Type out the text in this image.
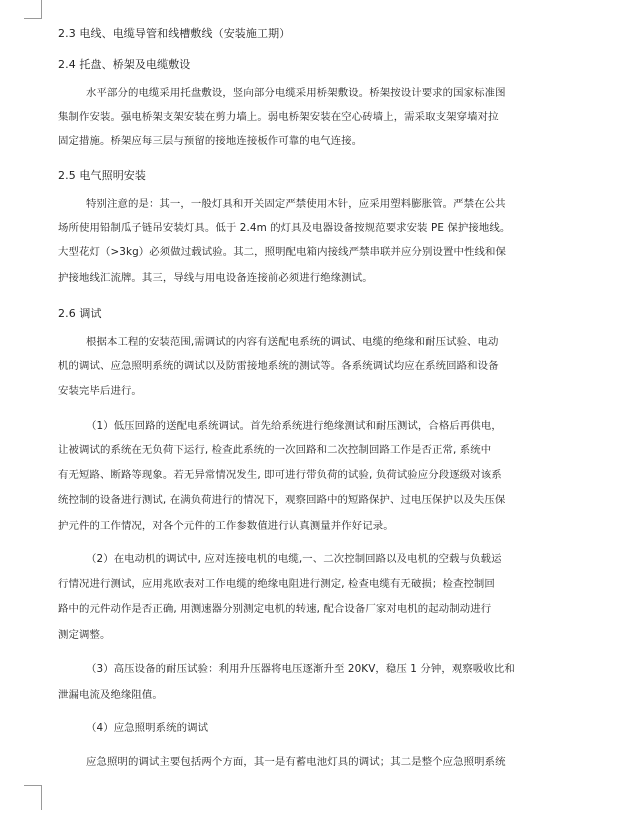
2.3 电线、电缆导管和线槽敷线（安装施工期）

2.4 托盘、桥架及电缆敷设

水平部分的电缆采用托盘敷设，竖向部分电缆采用桥架敷设。桥架按设计要求的国家标准图

集制作安装。强电桥架支架安装在剪力墙上。弱电桥架安装在空心砖墙上，需采取支架穿墙对拉

固定措施。桥架应每三层与预留的接地连接板作可靠的电气连接。

2.5 电气照明安装

特别注意的是：其一，一般灯具和开关固定严禁使用木针，应采用塑料膨胀管。严禁在公共

场所使用铅制瓜子链吊安装灯具。低于 2.4m 的灯具及电器设备按规范要求安装 PE 保护接地线。

大型花灯（>3kg）必须做过载试验。其二，照明配电箱内接线严禁串联并应分别设置中性线和保

护接地线汇流牌。其三，导线与用电设备连接前必须进行绝缘测试。

2.6 调试

根据本工程的安装范围,需调试的内容有送配电系统的调试、电缆的绝缘和耐压试验、电动

机的调试、应急照明系统的调试以及防雷接地系统的测试等。各系统调试均应在系统回路和设备

安装完毕后进行。

（1）低压回路的送配电系统调试。首先给系统进行绝缘测试和耐压测试，合格后再供电，

让被调试的系统在无负荷下运行, 检查此系统的一次回路和二次控制回路工作是否正常, 系统中

有无短路、断路等现象。若无异常情况发生, 即可进行带负荷的试验, 负荷试验应分段逐级对该系

统控制的设备进行测试, 在满负荷进行的情况下，观察回路中的短路保护、过电压保护以及失压保

护元件的工作情况，对各个元件的工作参数值进行认真测量并作好记录。

（2）在电动机的调试中, 应对连接电机的电缆,一、二次控制回路以及电机的空载与负载运

行情况进行测试，应用兆欧表对工作电缆的绝缘电阻进行测定, 检查电缆有无破损；检查控制回

路中的元件动作是否正确, 用测速器分别测定电机的转速, 配合设备厂家对电机的起动制动进行

测定调整。

（3）高压设备的耐压试验：利用升压器将电压逐渐升至 20KV，稳压 1 分钟，观察吸收比和

泄漏电流及绝缘阻值。

（4）应急照明系统的调试

应急照明的调试主要包括两个方面，其一是有蓄电池灯具的调试；其二是整个应急照明系统
